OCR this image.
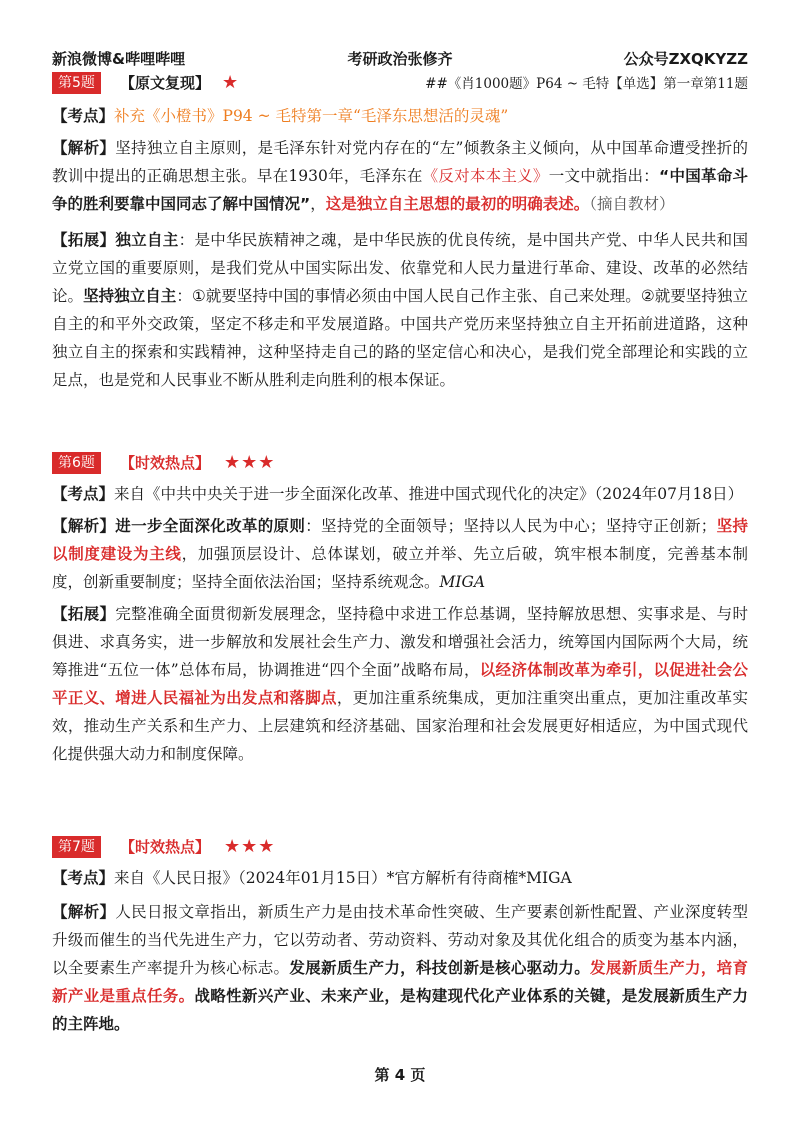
新浪微博&哔哩哔哩	考研政治张修齐	公众号ZXQKYZZ
第5题	【原文复现】 ★	##《肖1000题》P64 ~ 毛特【单选】第一章第11题
【考点】补充《小橙书》P94 ~ 毛特第一章“毛泽东思想活的灵魂”
【解析】坚持独立自主原则，是毛泽东针对党内存在的“左”倾教条主义倾向，从中国革命遭受挫折的教训中提出的正确思想主张。早在1930年，毛泽东在《反对本本主义》一文中就指出：“中国革命斗争的胜利要靠中国同志了解中国情况”，这是独立自主思想的最初的明确表述。（摘自教材）
【拓展】独立自主：是中华民族精神之魂，是中华民族的优良传统，是中国共产党、中华人民共和国立党立国的重要原则，是我们党从中国实际出发、依靠党和人民力量进行革命、建设、改革的必然结论。坚持独立自主：①就要坚持中国的事情必须由中国人民自己作主张、自己来处理。②就要坚持独立自主的和平外交政策，坚定不移走和平发展道路。中国共产党历来坚持独立自主开拓前进道路，这种独立自主的探索和实践精神，这种坚持走自己的路的坚定信心和决心，是我们党全部理论和实践的立足点，也是党和人民事业不断从胜利走向胜利的根本保证。
第6题	【时效热点】 ★★★
【考点】来自《中共中央关于进一步全面深化改革、推进中国式现代化的决定》（2024年07月18日）
【解析】进一步全面深化改革的原则：坚持党的全面领导；坚持以人民为中心；坚持守正创新；坚持以制度建设为主线，加强顶层设计、总体谋划，破立并举、先立后破，筑牢根本制度，完善基本制度，创新重要制度；坚持全面依法治国；坚持系统观念。MIGA
【拓展】完整准确全面贯彻新发展理念，坚持稳中求进工作总基调，坚持解放思想、实事求是、与时俱进、求真务实，进一步解放和发展社会生产力、激发和增强社会活力，统筹国内国际两个大局，统筹推进“五位一体”总体布局，协调推进“四个全面”战略布局，以经济体制改革为牵引，以促进社会公平正义、增进人民福祉为出发点和落脚点，更加注重系统集成，更加注重突出重点，更加注重改革实效，推动生产关系和生产力、上层建筑和经济基础、国家治理和社会发展更好相适应，为中国式现代化提供强大动力和制度保障。
第7题	【时效热点】 ★★★
【考点】来自《人民日报》（2024年01月15日）*官方解析有待商榷*MIGA
【解析】人民日报文章指出，新质生产力是由技术革命性突破、生产要素创新性配置、产业深度转型升级而催生的当代先进生产力，它以劳动者、劳动资料、劳动对象及其优化组合的质变为基本内涵，以全要素生产率提升为核心标志。发展新质生产力，科技创新是核心驱动力。发展新质生产力，培育新产业是重点任务。战略性新兴产业、未来产业，是构建现代化产业体系的关键，是发展新质生产力的主阵地。
第 4 页
